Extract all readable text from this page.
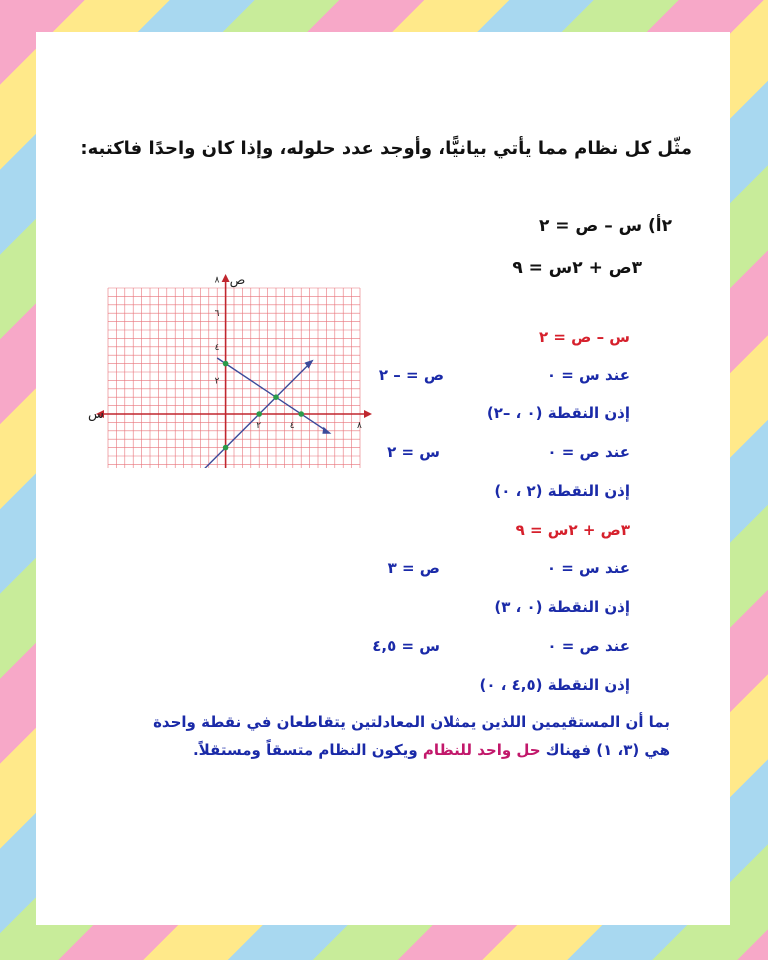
مثّل كل نظام مما يأتي بيانيًّا، وأوجد عدد حلوله، وإذا كان واحدًا فاكتبه:
٢أ) س – ص = ٢
٣ص + ٢س = ٩
س
ص
٢	٤	٨
٨
٦
٤
٢
س – ص = ٢
عند س = ٠
ص = – ٢
إذن النقطة (٠ ، –٢)
عند ص = ٠
س = ٢
إذن النقطة (٢ ، ٠)
٣ص + ٢س = ٩
عند س = ٠
ص = ٣
إذن النقطة (٠ ، ٣)
عند ص = ٠
س = ٤,٥
إذن النقطة (٤,٥ ، ٠)
بما أن المستقيمين اللذين يمثلان المعادلتين يتقاطعان في نقطة واحدة
هي (٣، ١) فهناك حل واحد للنظام ويكون النظام متسقاً ومستقلاً.
